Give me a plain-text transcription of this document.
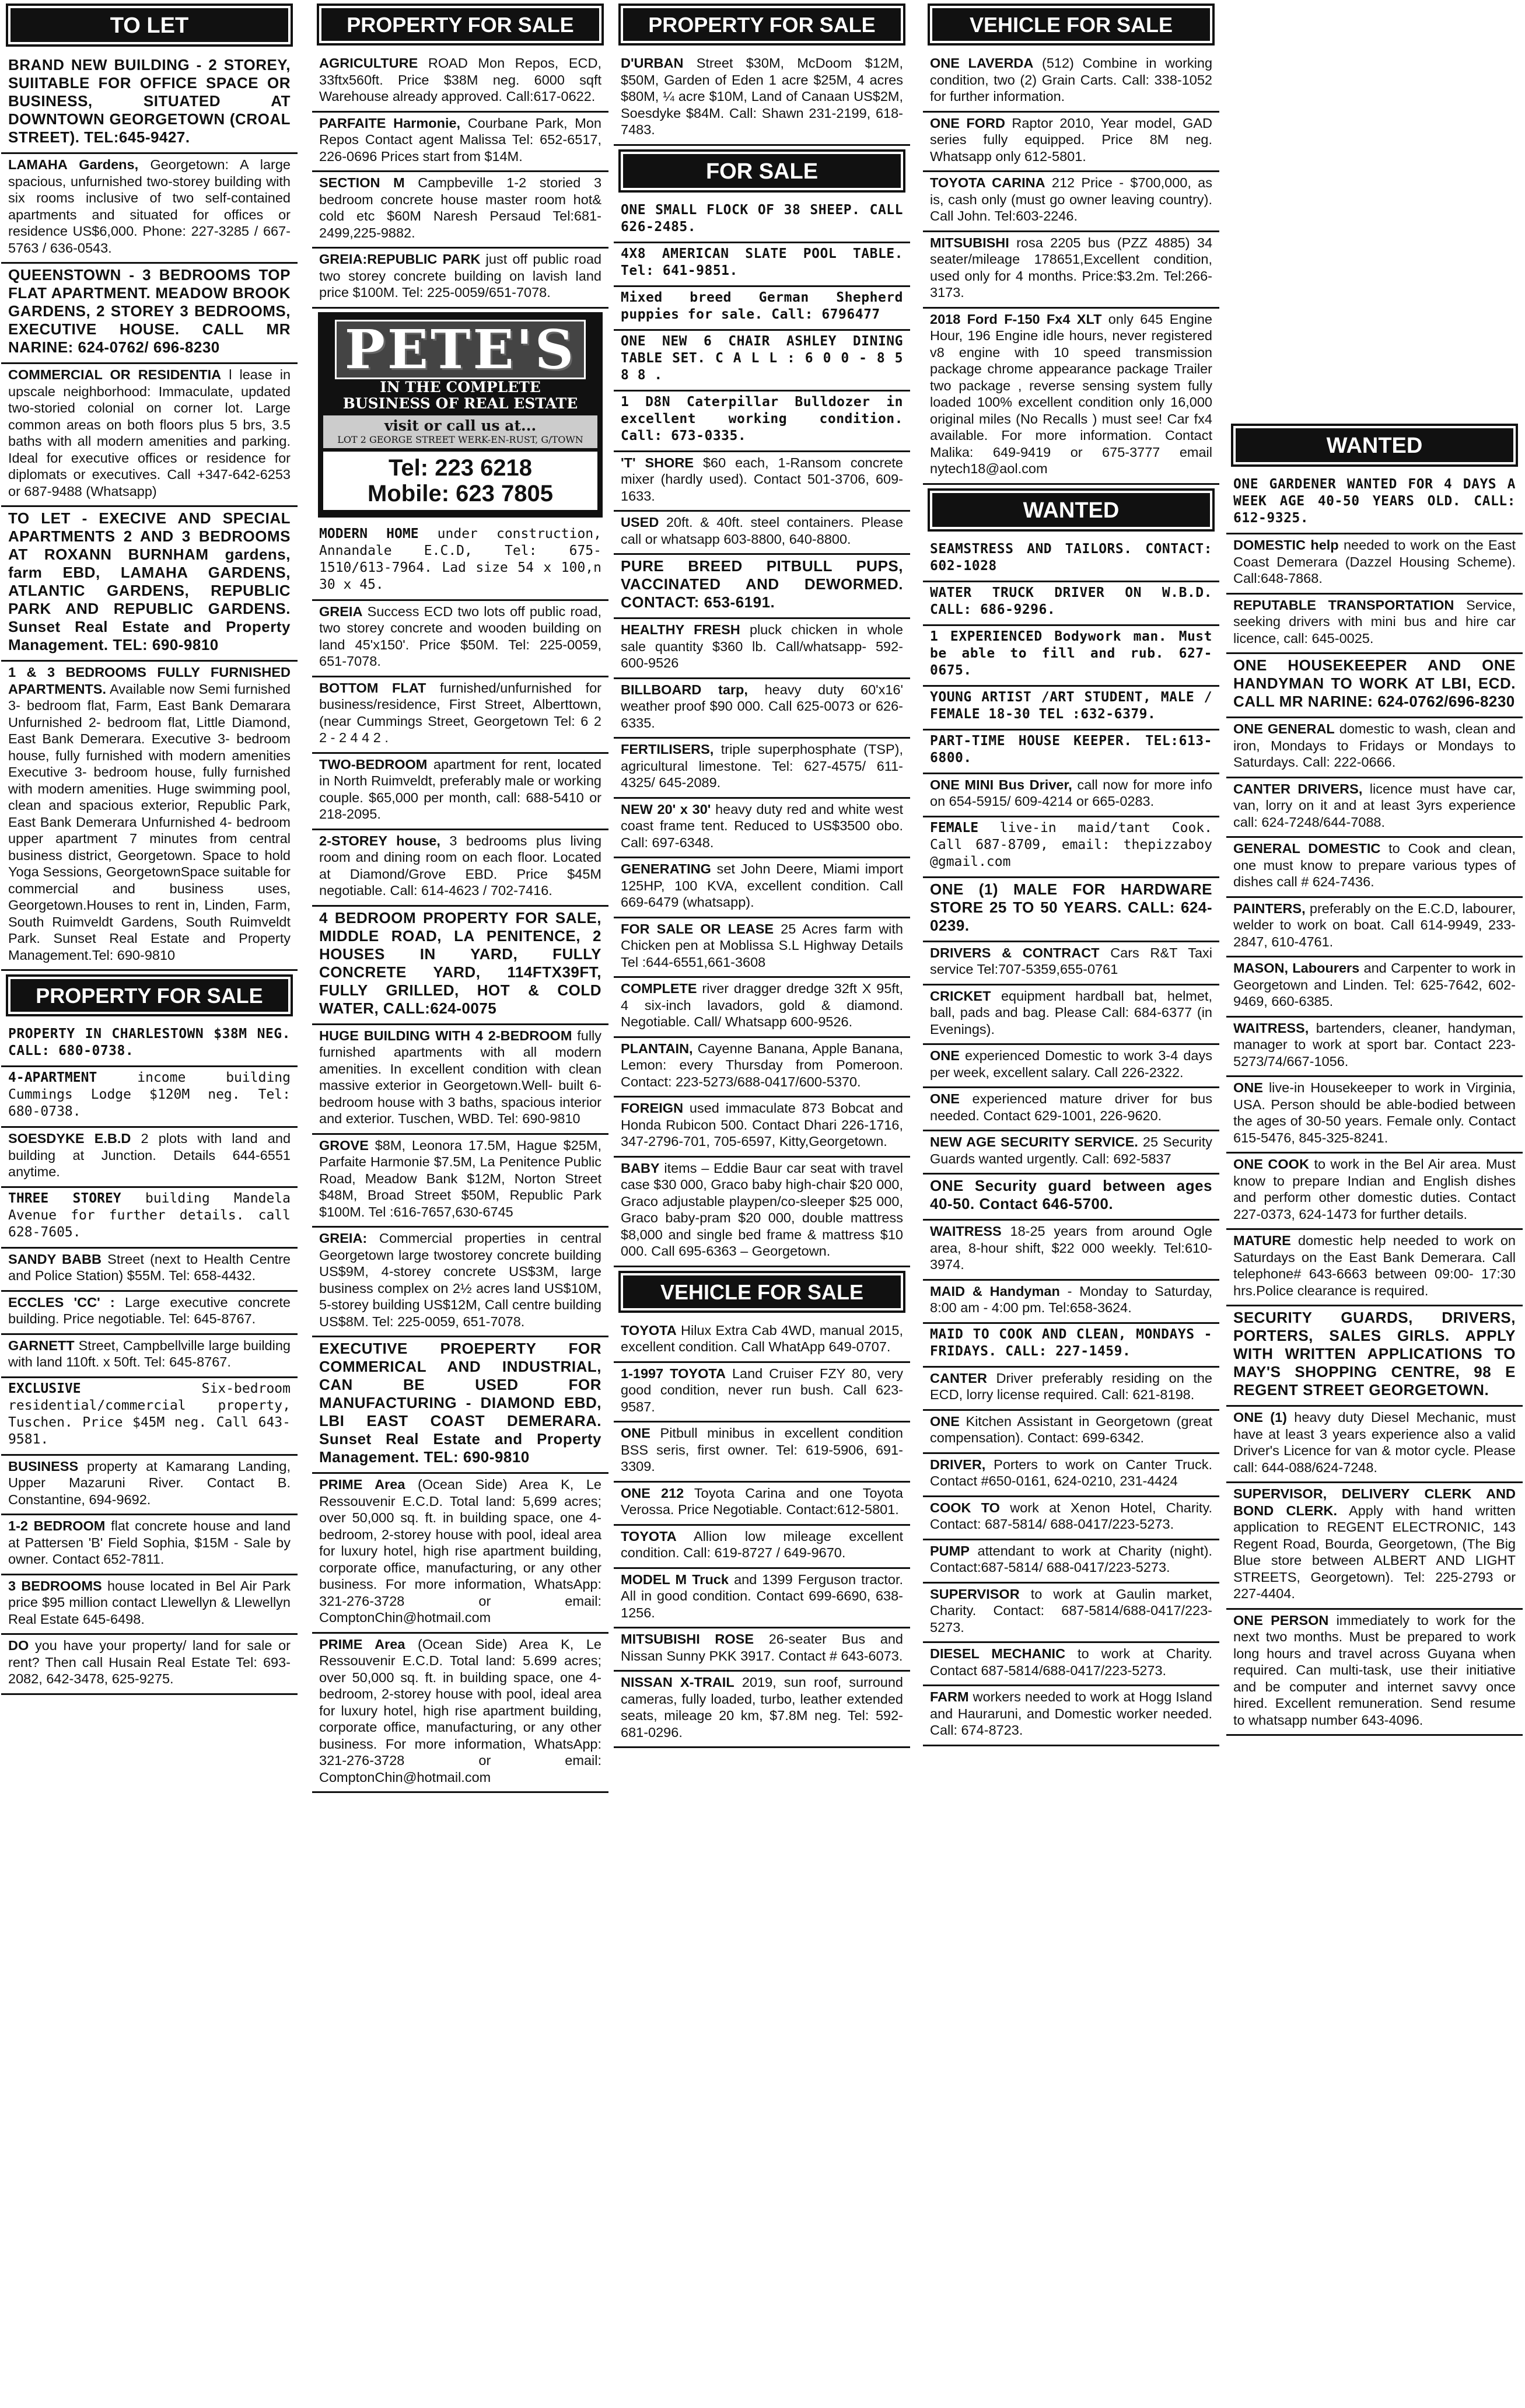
TO LET
BRAND NEW BUILDING - 2 STOREY, SUIITABLE FOR OFFICE SPACE OR BUSINESS, SITUATED AT DOWNTOWN GEORGETOWN (CROAL STREET). TEL:645-9427.
LAMAHA Gardens, Georgetown: A large spacious, unfurnished two-storey building with six rooms inclusive of two self-contained apartments and situated for offices or residence US$6,000. Phone: 227-3285 / 667-5763 / 636-0543.
QUEENSTOWN - 3 BEDROOMS TOP FLAT APARTMENT. MEADOW BROOK GARDENS, 2 STOREY 3 BEDROOMS, EXECUTIVE HOUSE. CALL MR NARINE: 624-0762/ 696-8230
COMMERCIAL OR RESIDENTIA l lease in upscale neighborhood: Immaculate, updated two-storied colonial on corner lot. Large common areas on both floors plus 5 brs, 3.5 baths with all modern amenities and parking. Ideal for executive offices or residence for diplomats or executives. Call +347-642-6253 or 687-9488 (Whatsapp)
TO LET - EXECIVE AND SPECIAL APARTMENTS 2 AND 3 BEDROOMS AT ROXANN BURNHAM gardens, farm EBD, LAMAHA GARDENS, ATLANTIC GARDENS, REPUBLIC PARK AND REPUBLIC GARDENS. Sunset Real Estate and Property Management. TEL: 690-9810
1 & 3 BEDROOMS FULLY FURNISHED APARTMENTS. Available now Semi furnished 3- bedroom flat, Farm, East Bank Demarara Unfurnished 2- bedroom flat, Little Diamond, East Bank Demerara. Executive 3- bedroom house, fully furnished with modern amenities Executive 3- bedroom house, fully furnished with modern amenities. Huge swimming pool, clean and spacious exterior, Republic Park, East Bank Demerara Unfurnished 4- bedroom upper apartment 7 minutes from central business district, Georgetown. Space to hold Yoga Sessions, GeorgetownSpace suitable for commercial and business uses, Georgetown.Houses to rent in, Linden, Farm, South Ruimveldt Gardens, South Ruimveldt Park. Sunset Real Estate and Property Management.Tel: 690-9810
PROPERTY FOR SALE
PROPERTY IN CHARLESTOWN $38M NEG. CALL: 680-0738.
4-APARTMENT	income building Cummings Lodge $120M neg. Tel: 680-0738.
SOESDYKE E.B.D 2 plots with land and building at Junction. Details 644-6551 anytime.
THREE STOREY building Mandela Avenue for further details. call 628-7605.
SANDY BABB Street (next to Health Centre and Police Station) $55M. Tel: 658-4432.
ECCLES 'CC' : Large executive concrete building. Price negotiable. Tel: 645-8767.
GARNETT Street, Campbellville large building with land 110ft. x 50ft. Tel: 645-8767.
EXCLUSIVE	Six-bedroom residential/commercial property, Tuschen. Price $45M neg. Call 643-9581.
BUSINESS property at Kamarang Landing, Upper Mazaruni River. Contact B. Constantine, 694-9692.
1-2 BEDROOM flat concrete house and land at Pattersen 'B' Field Sophia, $15M - Sale by owner. Contact 652-7811.
3 BEDROOMS house located in Bel Air Park price $95 million contact Llewellyn & Llewellyn Real Estate 645-6498.
DO you have your property/ land for sale or rent? Then call Husain Real Estate Tel: 693-2082, 642-3478, 625-9275.
PROPERTY FOR SALE
AGRICULTURE ROAD Mon Repos, ECD, 33ftx560ft. Price $38M neg. 6000 sqft Warehouse already approved. Call:617-0622.
PARFAITE Harmonie, Courbane Park, Mon Repos Contact agent Malissa Tel: 652-6517, 226-0696 Prices start from $14M.
SECTION M Campbeville 1-2 storied 3 bedroom concrete house master room hot& cold etc $60M Naresh Persaud Tel:681-2499,225-9882.
GREIA:REPUBLIC PARK just off public road two storey concrete building on lavish land price $100M. Tel: 225-0059/651-7078.
PETE'S
IN THE COMPLETE
BUSINESS OF REAL ESTATE
visit or call us at...
LOT 2 GEORGE STREET WERK-EN-RUST, G/TOWN
Tel: 223 6218
Mobile: 623 7805
MODERN HOME under construction, Annandale E.C.D, Tel: 675-1510/613-7964. Lad size 54 x 100,n 30 x 45.
GREIA Success ECD two lots off public road, two storey concrete and wooden building on land 45'x150'. Price $50M. Tel: 225-0059, 651-7078.
BOTTOM FLAT furnished/unfurnished for business/residence, First Street, Alberttown, (near Cummings Street, Georgetown Tel: 6 2 2 - 2 4 4 2 .
TWO-BEDROOM apartment for rent, located in North Ruimveldt, preferably male or working couple. $65,000 per month, call: 688-5410 or 218-2095.
2-STOREY house, 3 bedrooms plus living room and dining room on each floor. Located at Diamond/Grove EBD. Price $45M negotiable. Call: 614-4623 / 702-7416.
4 BEDROOM PROPERTY FOR SALE, MIDDLE ROAD, LA PENITENCE, 2 HOUSES IN YARD, FULLY CONCRETE YARD, 114FTX39FT, FULLY GRILLED, HOT & COLD WATER, CALL:624-0075
HUGE BUILDING WITH 4 2-BEDROOM fully furnished apartments with all modern amenities. In excellent condition with clean massive exterior in Georgetown.Well- built 6- bedroom house with 3 baths, spacious interior and exterior. Tuschen, WBD. Tel: 690-9810
GROVE $8M, Leonora 17.5M, Hague $25M, Parfaite Harmonie $7.5M, La Penitence Public Road, Meadow Bank $12M, Norton Street $48M, Broad Street $50M, Republic Park $100M. Tel :616-7657,630-6745
GREIA: Commercial properties in central Georgetown large twostorey concrete building US$9M, 4-storey concrete US$3M, large business complex on 2½ acres land US$10M, 5-storey building US$12M, Call centre building US$8M. Tel: 225-0059, 651-7078.
EXECUTIVE PROEPERTY FOR COMMERICAL AND INDUSTRIAL, CAN BE USED FOR MANUFACTURING - DIAMOND EBD, LBI EAST COAST DEMERARA. Sunset Real Estate and Property Management. TEL: 690-9810
PRIME Area (Ocean Side) Area K, Le Ressouvenir E.C.D. Total land: 5,699 acres; over 50,000 sq. ft. in building space, one 4-bedroom, 2-storey house with pool, ideal area for luxury hotel, high rise apartment building, corporate office, manufacturing, or any other business. For more information, WhatsApp: 321-276-3728 or email: ComptonChin@hotmail.com
PRIME Area (Ocean Side) Area K, Le Ressouvenir E.C.D. Total land: 5.699 acres; over 50,000 sq. ft. in building space, one 4-bedroom, 2-storey house with pool, ideal area for luxury hotel, high rise apartment building, corporate office, manufacturing, or any other business. For more information, WhatsApp: 321-276-3728 or email: ComptonChin@hotmail.com
PROPERTY FOR SALE
D'URBAN Street $30M, McDoom $12M, $50M, Garden of Eden 1 acre $25M, 4 acres $80M, ¼ acre $10M, Land of Canaan US$2M, Soesdyke $84M. Call: Shawn 231-2199, 618-7483.
FOR SALE
ONE SMALL FLOCK OF 38 SHEEP. CALL 626-2485.
4X8 AMERICAN SLATE POOL TABLE. Tel: 641-9851.
Mixed breed German Shepherd puppies for sale. Call: 6796477
ONE NEW 6 CHAIR ASHLEY DINING TABLE SET. C A L L : 6 0 0 - 8 5 8 8 .
1 D8N Caterpillar Bulldozer in excellent working condition. Call: 673-0335.
'T' SHORE $60 each, 1-Ransom concrete mixer (hardly used). Contact 501-3706, 609-1633.
USED 20ft. & 40ft. steel containers. Please call or whatsapp 603-8800, 640-8800.
PURE BREED PITBULL PUPS, VACCINATED AND DEWORMED. CONTACT: 653-6191.
HEALTHY FRESH pluck chicken in whole sale quantity $360 lb. Call/whatsapp- 592-600-9526
BILLBOARD tarp, heavy duty 60'x16' weather proof $90 000. Call 625-0073 or 626-6335.
FERTILISERS, triple superphosphate (TSP), agricultural limestone. Tel: 627-4575/ 611-4325/ 645-2089.
NEW 20' x 30' heavy duty red and white west coast frame tent. Reduced to US$3500 obo. Call: 697-6348.
GENERATING set John Deere, Miami import 125HP, 100 KVA, excellent condition. Call 669-6479 (whatsapp).
FOR SALE OR LEASE 25 Acres farm with Chicken pen at Moblissa S.L Highway Details Tel :644-6551,661-3608
COMPLETE river dragger dredge 32ft X 95ft, 4 six-inch lavadors, gold & diamond. Negotiable. Call/ Whatsapp 600-9526.
PLANTAIN, Cayenne Banana, Apple Banana, Lemon: every Thursday from Pomeroon. Contact: 223-5273/688-0417/600-5370.
FOREIGN used immaculate 873 Bobcat and Honda Rubicon 500. Contact Dhari 226-1716, 347-2796-701, 705-6597, Kitty,Georgetown.
BABY items – Eddie Baur car seat with travel case $30 000, Graco baby high-chair $20 000, Graco adjustable playpen/co-sleeper $25 000, Graco baby-pram $20 000, double mattress $8,000 and single bed frame & mattress $10 000. Call 695-6363 – Georgetown.
VEHICLE FOR SALE
TOYOTA Hilux Extra Cab 4WD, manual 2015, excellent condition. Call WhatApp 649-0707.
1-1997 TOYOTA Land Cruiser FZY 80, very good condition, never run bush. Call 623-9587.
ONE Pitbull minibus in excellent condition BSS seris, first owner. Tel: 619-5906, 691-3309.
ONE 212 Toyota Carina and one Toyota Verossa. Price Negotiable. Contact:612-5801.
TOYOTA Allion low mileage excellent condition. Call: 619-8727 / 649-9670.
MODEL M Truck and 1399 Ferguson tractor. All in good condition. Contact 699-6690, 638-1256.
MITSUBISHI ROSE 26-seater Bus and Nissan Sunny PKK 3917. Contact # 643-6073.
NISSAN X-TRAIL 2019, sun roof, surround cameras, fully loaded, turbo, leather extended seats, mileage 20 km, $7.8M neg. Tel: 592-681-0296.
VEHICLE FOR SALE
ONE LAVERDA (512) Combine in working condition, two (2) Grain Carts. Call: 338-1052 for further information.
ONE FORD Raptor 2010, Year model, GAD series fully equipped. Price 8M neg. Whatsapp only 612-5801.
TOYOTA CARINA 212 Price - $700,000, as is, cash only (must go owner leaving country). Call John. Tel:603-2246.
MITSUBISHI rosa 2205 bus (PZZ 4885) 34 seater/mileage 178651,Excellent condition, used only for 4 months. Price:$3.2m. Tel:266-3173.
2018 Ford F-150 Fx4 XLT only 645 Engine Hour, 196 Engine idle hours, never registered v8 engine with 10 speed transmission package chrome appearance package Trailer two package , reverse sensing system fully loaded 100% excellent condition only 16,000 original miles (No Recalls ) must see! Car fx4 available. For more information. Contact Malika: 649-9419 or 675-3777 email nytech18@aol.com
WANTED
SEAMSTRESS AND TAILORS. CONTACT: 602-1028
WATER TRUCK DRIVER ON W.B.D. CALL: 686-9296.
1 EXPERIENCED Bodywork man. Must be able to fill and rub. 627-0675.
YOUNG ARTIST /ART STUDENT, MALE / FEMALE 18-30 TEL :632-6379.
PART-TIME HOUSE KEEPER. TEL:613-6800.
ONE MINI Bus Driver, call now for more info on 654-5915/ 609-4214 or 665-0283.
FEMALE live-in maid/tant Cook. Call 687-8709, email: thepizzaboy @gmail.com
ONE (1) MALE FOR HARDWARE STORE 25 TO 50 YEARS. CALL: 624-0239.
DRIVERS & CONTRACT Cars R&T Taxi service Tel:707-5359,655-0761
CRICKET equipment hardball bat, helmet, ball, pads and bag. Please Call: 684-6377 (in Evenings).
ONE experienced Domestic to work 3-4 days per week, excellent salary. Call 226-2322.
ONE experienced mature driver for bus needed. Contact 629-1001, 226-9620.
NEW AGE SECURITY SERVICE. 25 Security Guards wanted urgently. Call: 692-5837
ONE Security guard between ages 40-50. Contact 646-5700.
WAITRESS 18-25 years from around Ogle area, 8-hour shift, $22 000 weekly. Tel:610-3974.
MAID & Handyman - Monday to Saturday, 8:00 am - 4:00 pm. Tel:658-3624.
MAID TO COOK AND CLEAN, MONDAYS - FRIDAYS. CALL: 227-1459.
CANTER Driver preferably residing on the ECD, lorry license required. Call: 621-8198.
ONE Kitchen Assistant in Georgetown (great compensation). Contact: 699-6342.
DRIVER, Porters to work on Canter Truck. Contact #650-0161, 624-0210, 231-4424
COOK TO work at Xenon Hotel, Charity. Contact: 687-5814/ 688-0417/223-5273.
PUMP attendant to work at Charity (night). Contact:687-5814/ 688-0417/223-5273.
SUPERVISOR to work at Gaulin market, Charity. Contact: 687-5814/688-0417/223-5273.
DIESEL MECHANIC to work at Charity. Contact 687-5814/688-0417/223-5273.
FARM workers needed to work at Hogg Island and Hauraruni, and Domestic worker needed. Call: 674-8723.
WANTED
ONE GARDENER WANTED FOR 4 DAYS A WEEK AGE 40-50 YEARS OLD. CALL: 612-9325.
DOMESTIC help needed to work on the East Coast Demerara (Dazzel Housing Scheme). Call:648-7868.
REPUTABLE TRANSPORTATION Service, seeking drivers with mini bus and hire car licence, call: 645-0025.
ONE HOUSEKEEPER AND ONE HANDYMAN TO WORK AT LBI, ECD. CALL MR NARINE: 624-0762/696-8230
ONE GENERAL domestic to wash, clean and iron, Mondays to Fridays or Mondays to Saturdays. Call: 222-0666.
CANTER DRIVERS, licence must have car, van, lorry on it and at least 3yrs experience call: 624-7248/644-7088.
GENERAL DOMESTIC to Cook and clean, one must know to prepare various types of dishes call # 624-7436.
PAINTERS, preferably on the E.C.D, labourer, welder to work on boat. Call 614-9949, 233-2847, 610-4761.
MASON, Labourers and Carpenter to work in Georgetown and Linden. Tel: 625-7642, 602-9469, 660-6385.
WAITRESS, bartenders, cleaner, handyman, manager to work at sport bar. Contact 223-5273/74/667-1056.
ONE live-in Housekeeper to work in Virginia, USA. Person should be able-bodied between the ages of 30-50 years. Female only. Contact 615-5476, 845-325-8241.
ONE COOK to work in the Bel Air area. Must know to prepare Indian and English dishes and perform other domestic duties. Contact 227-0373, 624-1473 for further details.
MATURE domestic help needed to work on Saturdays on the East Bank Demerara. Call telephone# 643-6663 between 09:00- 17:30 hrs.Police clearance is required.
SECURITY GUARDS, DRIVERS, PORTERS, SALES GIRLS. APPLY WITH WRITTEN APPLICATIONS TO MAY'S SHOPPING CENTRE, 98 E REGENT STREET GEORGETOWN.
ONE (1) heavy duty Diesel Mechanic, must have at least 3 years experience also a valid Driver's Licence for van & motor cycle. Please call: 644-088/624-7248.
SUPERVISOR, DELIVERY CLERK AND BOND CLERK. Apply with hand written application to REGENT ELECTRONIC, 143 Regent Road, Bourda, Georgetown, (The Big Blue store between ALBERT AND LIGHT STREETS, Georgetown). Tel: 225-2793 or 227-4404.
ONE PERSON immediately to work for the next two months. Must be prepared to work long hours and travel across Guyana when required. Can multi-task, use their initiative and be computer and internet savvy once hired. Excellent remuneration. Send resume to whatsapp number 643-4096.
